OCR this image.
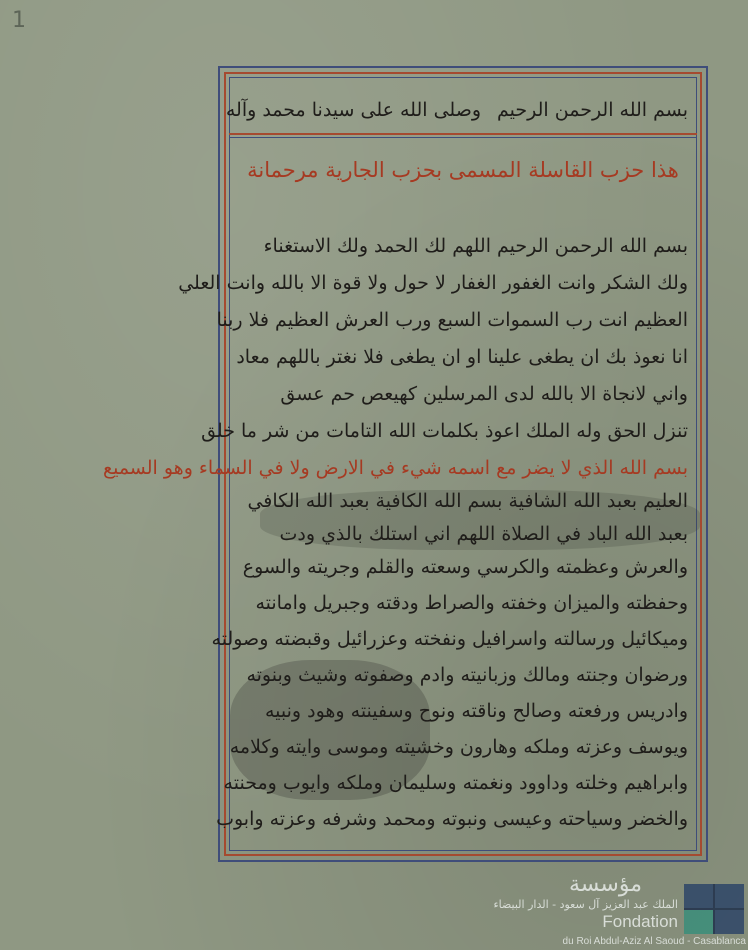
1
بسم الله الرحمن الرحيم
وصلى الله على سيدنا محمد وآله
هذا حزب القاسلة المسمى بحزب الجارية مرحمانة
بسم الله الرحمن الرحيم اللهم لك الحمد ولك الاستغناء
ولك الشكر وانت الغفور الغفار لا حول ولا قوة الا بالله وانت العلي
العظيم انت رب السموات السبع ورب العرش العظيم فلا ربنا
انا نعوذ بك ان يطغى علينا او ان يطغى فلا نغتر باللهم معاد
واني لانجاة الا بالله لدى المرسلين كهيعص حم عسق
تنزل الحق وله الملك اعوذ بكلمات الله التامات من شر ما خلق
بسم الله الذي لا يضر مع اسمه شيء في الارض ولا في السماء وهو السميع
العليم بعبد الله الشافية بسم الله الكافية بعبد الله الكافي
بعبد الله الباد في الصلاة اللهم اني استلك بالذي ودت
والعرش وعظمته والكرسي وسعته والقلم وجريته والسوع
وحفظته والميزان وخفته والصراط ودقته وجبريل وامانته
وميكائيل ورسالته واسرافيل ونفخته وعزرائيل وقبضته وصولته
ورضوان وجنته ومالك وزبانيته وادم وصفوته وشيث وبنوته
وادريس ورفعته وصالح وناقته ونوح وسفينته وهود ونبيه
ويوسف وعزته وملكه وهارون وخشيته وموسى وايته وكلامه
وابراهيم وخلته وداوود ونغمته وسليمان وملكه وايوب ومحنته
والخضر وسياحته وعيسى ونبوته ومحمد وشرفه وعزته وابوب
مؤسسة
الملك عبد العزيز آل سعود - الدار البيضاء
Fondation
du Roi Abdul-Aziz Al Saoud - Casablanca
